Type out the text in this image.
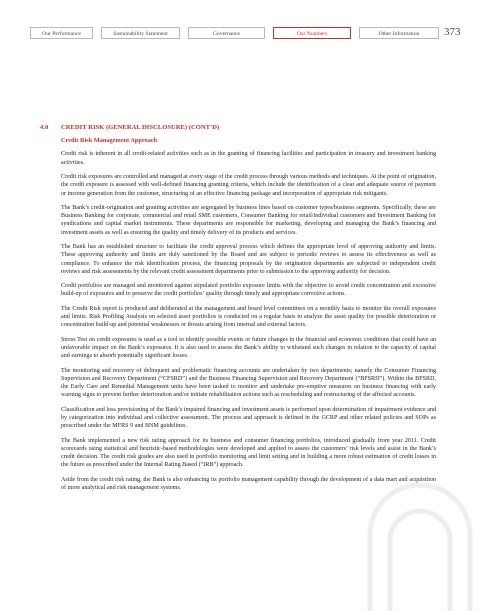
Our Performance	Sustainability Statement	Governance	Our Numbers	Other Information	373
4.0	CREDIT RISK (GENERAL DISCLOSURE) (CONT’D)
Credit Risk Management Approach

Credit risk is inherent in all credit-related activities such as in the granting of financing facilities and participation in treasury and investment banking activities.

Credit risk exposures are controlled and managed at every stage of the credit process through various methods and techniques. At the point of origination, the credit exposure is assessed with well-defined financing granting criteria, which include the identification of a clear and adequate source of payment or income generation from the customer, structuring of an effective financing package and incorporation of appropriate risk mitigants.

The Bank’s credit-origination and granting activities are segregated by business lines based on customer types/business segments. Specifically, these are Business Banking for corporate, commercial and retail SME customers, Consumer Banking for retail/individual customers and Investment Banking for syndications and capital market instruments. These departments are responsible for marketing, developing and managing the Bank’s financing and investment assets as well as ensuring the quality and timely delivery of its products and services.

The Bank has an established structure to facilitate the credit approval process which defines the appropriate level of approving authority and limits. These approving authority and limits are duly sanctioned by the Board and are subject to periodic reviews to assess its effectiveness as well as compliance. To enhance the risk identification process, the financing proposals by the origination departments are subjected to independent credit reviews and risk assessments by the relevant credit assessment departments prior to submission to the approving authority for decision.

Credit portfolios are managed and monitored against stipulated portfolio exposure limits with the objective to avoid credit concentration and excessive build-up of exposures and to preserve the credit portfolios’ quality through timely and appropriate corrective actions.

The Credit Risk report is produced and deliberated at the management and board level committees on a monthly basis to monitor the overall exposures and limits. Risk Profiling Analysis on selected asset portfolios is conducted on a regular basis to analyze the asset quality for possible deterioration or concentration build-up and potential weaknesses or threats arising from internal and external factors.

Stress Test on credit exposures is used as a tool to identify possible events or future changes in the financial and economic conditions that could have an unfavorable impact on the Bank’s exposures. It is also used to assess the Bank’s ability to withstand such changes in relation to the capacity of capital and earnings to absorb potentially significant losses.

The monitoring and recovery of delinquent and problematic financing accounts are undertaken by two departments; namely the Consumer Financing Supervision and Recovery Department (“CFSRD”) and the Business Financing Supervision and Recovery Department (“BFSRD”). Within the BFSRD, the Early Care and Remedial Management units have been tasked to monitor and undertake pre-emptive measures on business financing with early warning signs to prevent further deterioration and/or initiate rehabilitation actions such as rescheduling and restructuring of the affected accounts.

Classification and loss provisioning of the Bank’s impaired financing and investment assets is performed upon determination of impairment evidence and by categorization into individual and collective assessment. The process and approach is defined in the GCRP and other related policies and SOPs as prescribed under the MFRS 9 and BNM guidelines.

The Bank implemented a new risk rating approach for its business and consumer financing portfolios, introduced gradually from year 2011. Credit scorecards using statistical and heuristic-based methodologies were developed and applied to assess the customers’ risk levels and assist in the Bank’s credit decision. The credit risk grades are also used in portfolio monitoring and limit setting and in building a more robust estimation of credit losses in the future as prescribed under the Internal Rating Based (“IRB”) approach.

Aside from the credit risk rating, the Bank is also enhancing its portfolio management capability through the development of a data mart and acquisition of more analytical and risk management systems.
